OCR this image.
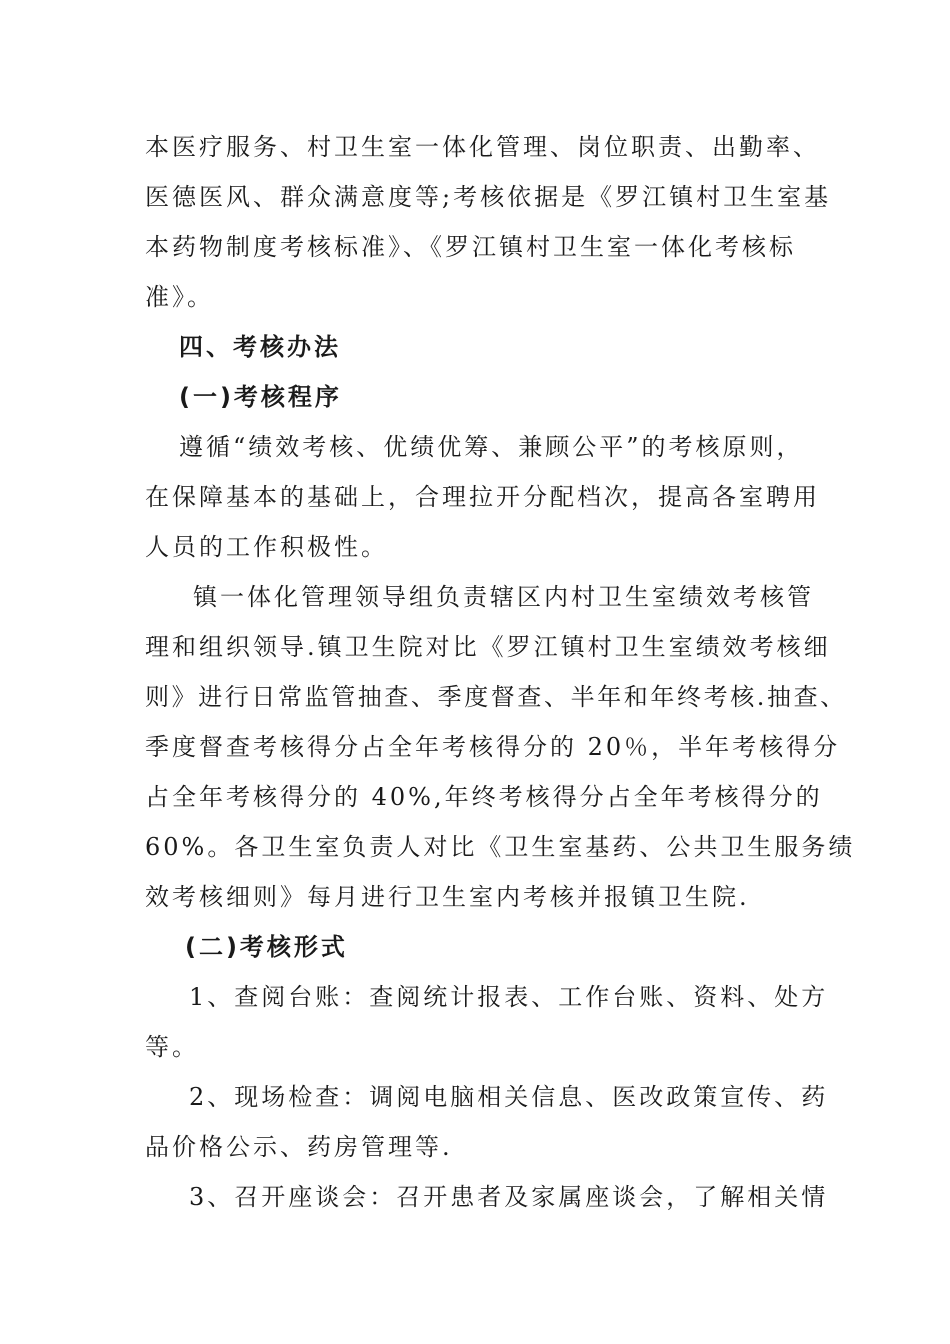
本医疗服务、村卫生室一体化管理、岗位职责、出勤率、
医德医风、群众满意度等;考核依据是《罗江镇村卫生室基
本药物制度考核标准》、《罗江镇村卫生室一体化考核标
准》。
四、考核办法
(一)考核程序
遵循“绩效考核、优绩优筹、兼顾公平”的考核原则，
在保障基本的基础上，合理拉开分配档次，提高各室聘用
人员的工作积极性。
镇一体化管理领导组负责辖区内村卫生室绩效考核管
理和组织领导.镇卫生院对比《罗江镇村卫生室绩效考核细
则》进行日常监管抽查、季度督查、半年和年终考核.抽查、
季度督查考核得分占全年考核得分的 20％，半年考核得分
占全年考核得分的 40%,年终考核得分占全年考核得分的
60%。各卫生室负责人对比《卫生室基药、公共卫生服务绩
效考核细则》每月进行卫生室内考核并报镇卫生院.
(二)考核形式
1、查阅台账：查阅统计报表、工作台账、资料、处方
等。
2、现场检查：调阅电脑相关信息、医改政策宣传、药
品价格公示、药房管理等.
3、召开座谈会：召开患者及家属座谈会，了解相关情
